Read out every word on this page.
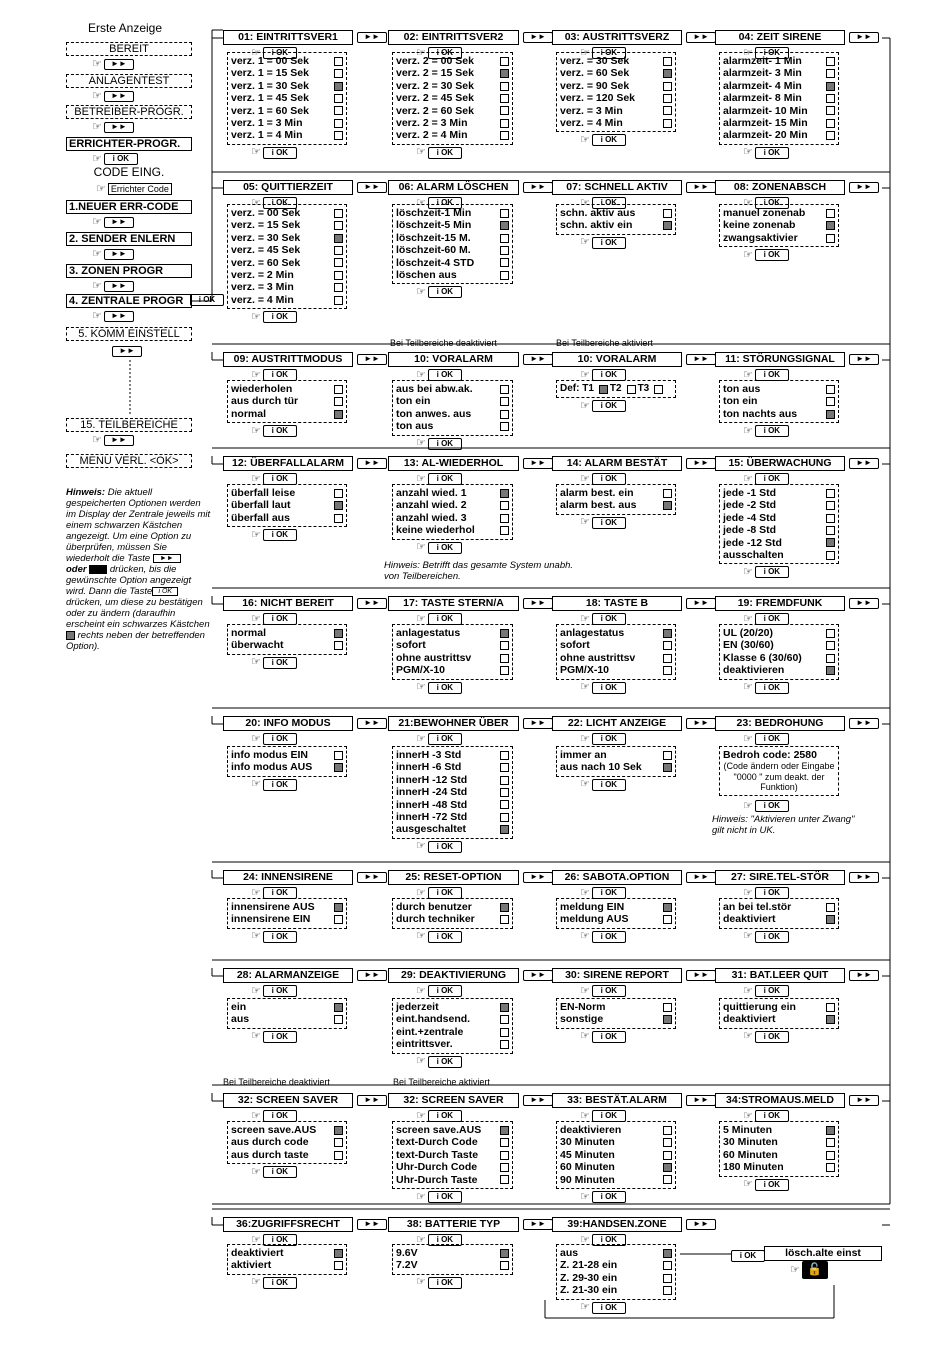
Erste Anzeige
BEREIT
☞	►►
ANLAGENTEST
☞	►►
BETREIBER-PROGR.
☞	►►
ERRICHTER-PROGR.
☞	i OK
CODE EING.
☞ Errichter Code
1.NEUER ERR-CODE
☞	►►
2. SENDER ENLERN
☞	►►
3. ZONEN PROGR
☞	►►
4. ZENTRALE PROGR
☞	►►
i OK
5. KOMM EINSTELL
►►
15. TEILBEREICHE
☞	►►
MENU VERL. <OK>
01: EINTRITTSVER1	►►
☞	i OK
verz. 1 = 00 Sek
verz. 1 = 15 Sek
verz. 1 = 30 Sek
verz. 1 = 45 Sek
verz. 1 = 60 Sek
verz. 1 = 3 Min
verz. 1 = 4 Min
☞	i OK
02: EINTRITTSVER2	►►
☞	i OK
verz. 2 = 00 Sek
verz. 2 = 15 Sek
verz. 2 = 30 Sek
verz. 2 = 45 Sek
verz. 2 = 60 Sek
verz. 2 = 3 Min
verz. 2 = 4 Min
☞	i OK
03: AUSTRITTSVERZ	►►
☞	i OK
verz. = 30 Sek
verz. = 60 Sek
verz. = 90 Sek
verz. = 120 Sek
verz. = 3 Min
verz. = 4 Min
☞	i OK
04: ZEIT SIRENE	►►
☞	i OK
alarmzeit- 1 Min
alarmzeit- 3 Min
alarmzeit- 4 Min
alarmzeit- 8 Min
alarmzeit- 10 Min
alarmzeit- 15 Min
alarmzeit- 20 Min
☞	i OK
05: QUITTIERZEIT	►►
☞	i OK
verz. = 00 Sek
verz. = 15 Sek
verz. = 30 Sek
verz. = 45 Sek
verz. = 60 Sek
verz. = 2 Min
verz. = 3 Min
verz. = 4 Min
☞	i OK
06: ALARM LÖSCHEN	►►
☞	i OK
löschzeit-1 Min
löschzeit-5 Min
löschzeit-15 M.
löschzeit-60 M.
löschzeit-4 STD
löschen aus
☞	i OK
07: SCHNELL AKTIV	►►
☞	i OK
schn. aktiv aus
schn. aktiv ein
☞	i OK
08: ZONENABSCH	►►
☞	i OK
manuel zonenab
keine zonenab
zwangsaktivier
☞	i OK
09: AUSTRITTMODUS	►►
☞	i OK
wiederholen
aus durch tür
normal
☞	i OK
10: VORALARM	►►
☞	i OK
aus bei abw.ak.
ton ein
ton anwes. aus
ton aus
☞	i OK
10: VORALARM	►►
☞	i OK
Def: T1 T2 T3
☞	i OK
11: STÖRUNGSIGNAL	►►
☞	i OK
ton aus
ton ein
ton nachts aus
☞	i OK
12: ÜBERFALLALARM	►►
☞	i OK
überfall leise
überfall laut
überfall aus
☞	i OK
13: AL-WIEDERHOL	►►
☞	i OK
anzahl wied. 1
anzahl wied. 2
anzahl wied. 3
keine wiederhol
☞	i OK
14: ALARM BESTÄT	►►
☞	i OK
alarm best. ein
alarm best. aus
☞	i OK
15: ÜBERWACHUNG	►►
☞	i OK
jede -1 Std
jede -2 Std
jede -4 Std
jede -8 Std
jede -12 Std
ausschalten
☞	i OK
16: NICHT BEREIT	►►
☞	i OK
normal
überwacht
☞	i OK
17: TASTE STERN/A	►►
☞	i OK
anlagestatus
sofort
ohne austrittsv
PGM/X-10
☞	i OK
18: TASTE B	►►
☞	i OK
anlagestatus
sofort
ohne austrittsv
PGM/X-10
☞	i OK
19: FREMDFUNK	►►
☞	i OK
UL (20/20)
EN (30/60)
Klasse 6 (30/60)
deaktivieren
☞	i OK
20: INFO MODUS	►►
☞	i OK
info modus EIN
info modus AUS
☞	i OK
21:BEWOHNER ÜBER	►►
☞	i OK
innerH -3 Std
innerH -6 Std
innerH -12 Std
innerH -24 Std
innerH -48 Std
innerH -72 Std
ausgeschaltet
☞	i OK
22: LICHT ANZEIGE	►►
☞	i OK
immer an
aus nach 10 Sek
☞	i OK
23: BEDROHUNG	►►
☞	i OK
Bedroh code: 2580
(Code ändern oder Eingabe "0000 " zum deakt. der Funktion)
☞	i OK
24: INNENSIRENE	►►
☞	i OK
innensirene AUS
innensirene EIN
☞	i OK
25: RESET-OPTION	►►
☞	i OK
durch benutzer
durch techniker
☞	i OK
26: SABOTA.OPTION	►►
☞	i OK
meldung EIN
meldung AUS
☞	i OK
27: SIRE.TEL-STÖR	►►
☞	i OK
an bei tel.stör
deaktiviert
☞	i OK
28: ALARMANZEIGE	►►
☞	i OK
ein
aus
☞	i OK
29: DEAKTIVIERUNG	►►
☞	i OK
jederzeit
eint.handsend.
eint.+zentrale
eintrittsver.
☞	i OK
30: SIRENE REPORT	►►
☞	i OK
EN-Norm
sonstige
☞	i OK
31: BAT.LEER QUIT	►►
☞	i OK
quittierung ein
deaktiviert
☞	i OK
32: SCREEN SAVER	►►
☞	i OK
screen save.AUS
aus durch code
aus durch taste
☞	i OK
32: SCREEN SAVER	►►
☞	i OK
screen save.AUS
text-Durch Code
text-Durch Taste
Uhr-Durch Code
Uhr-Durch Taste
☞	i OK
33: BESTÄT.ALARM	►►
☞	i OK
deaktivieren
30 Minuten
45 Minuten
60 Minuten
90 Minuten
☞	i OK
34:STROMAUS.MELD	►►
☞	i OK
5 Minuten
30 Minuten
60 Minuten
180 Minuten
☞	i OK
36:ZUGRIFFSRECHT	►►
☞	i OK
deaktiviert
aktiviert
☞	i OK
38: BATTERIE TYP	►►
☞	i OK
9.6V
7.2V
☞	i OK
39:HANDSEN.ZONE	►►
☞	i OK
aus
Z. 21-28 ein
Z. 29-30 ein
Z. 21-30 ein
☞	i OK
i OK	lösch.alte einst
☞ 🔓
Hinweis: Die aktuell gespeicherten Optionen werden im Display der Zentrale jeweils mit einem schwarzen Kästchen angezeigt. Um eine Option zu überprüfen, müssen Sie wiederholt die Taste ►►
oder drücken, bis die gewünschte Option angezeigt wird. Dann die Taste i OK drücken, um diese zu bestätigen oder zu ändern (daraufhin erscheint ein schwarzes Kästchen  rechts neben der betreffenden Option).
Hinweis: Betrifft das gesamte System unabh. von Teilbereichen.
Hinweis: "Aktivieren unter Zwang" gilt nicht in UK.
Bei Teilbereiche deaktiviert	Bei Teilbereiche aktiviert
Bei Teilbereiche deaktiviert	Bei Teilbereiche aktiviert
